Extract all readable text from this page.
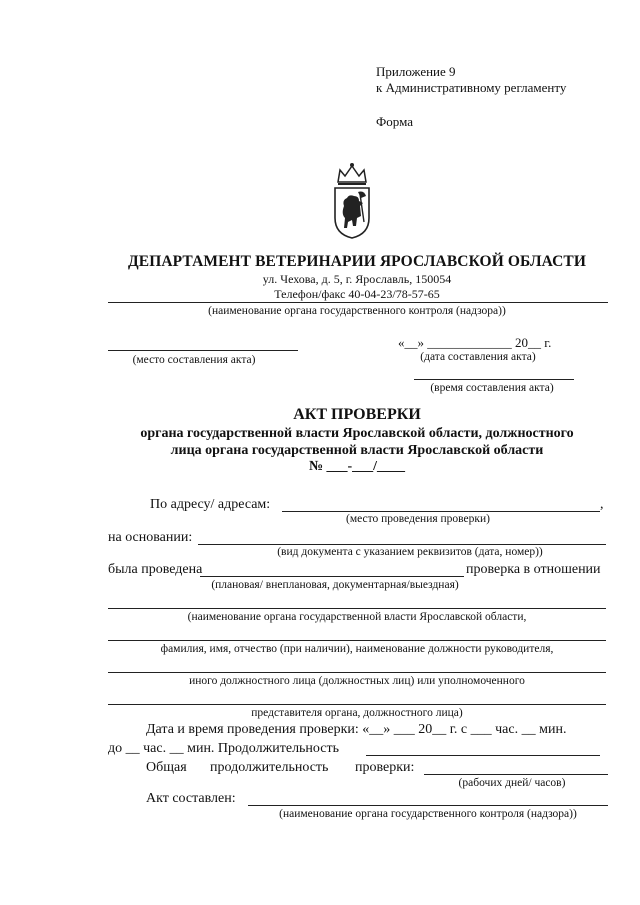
Приложение 9
к Административному регламенту
Форма
ДЕПАРТАМЕНТ ВЕТЕРИНАРИИ ЯРОСЛАВСКОЙ ОБЛАСТИ
ул. Чехова, д. 5, г. Ярославль, 150054
Телефон/факс 40-04-23/78-57-65
(наименование органа государственного контроля (надзора))
(место составления акта)
«__» _____________ 20__ г.
(дата составления акта)
(время составления акта)
АКТ ПРОВЕРКИ
органа государственной власти Ярославской области, должностного
лица органа государственной власти Ярославской области
№ ___-___/____
По адресу/ адресам:	,
(место проведения проверки)
на основании:
(вид документа с указанием реквизитов (дата, номер))
была проведена	проверка в отношении
(плановая/ внеплановая, документарная/выездная)
(наименование органа государственной власти Ярославской области,
фамилия, имя, отчество (при наличии), наименование должности руководителя,
иного должностного лица (должностных лиц) или уполномоченного
представителя органа, должностного лица)
Дата и время проведения проверки: «__» ___ 20__ г. с ___ час. __ мин.
до __ час. __ мин. Продолжительность
Общая продолжительность проверки:
(рабочих дней/ часов)
Акт составлен:
(наименование органа государственного контроля (надзора))
